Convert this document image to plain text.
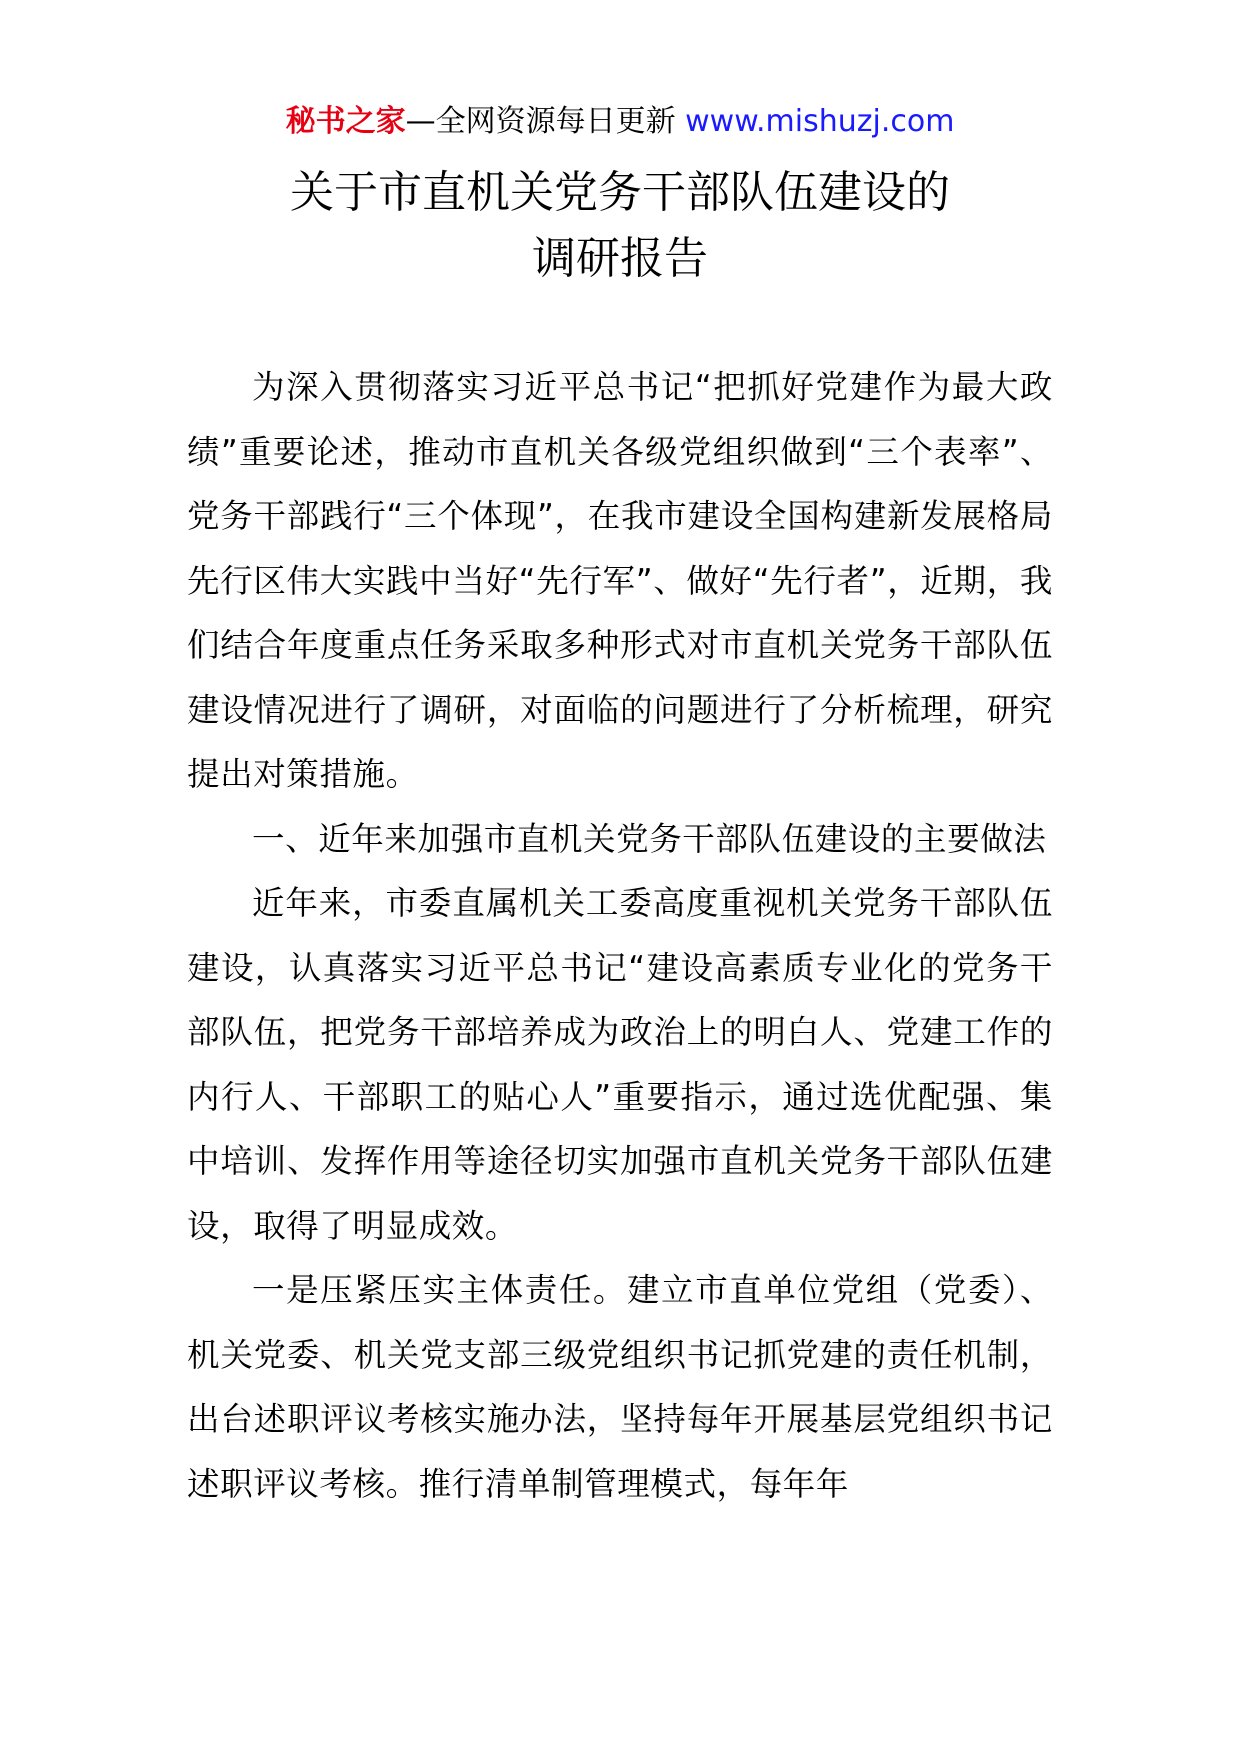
秘书之家—全网资源每日更新 www.mishuzj.com
关于市直机关党务干部队伍建设的
调研报告

为深入贯彻落实习近平总书记“把抓好党建作为最大政绩”重要论述，推动市直机关各级党组织做到“三个表率”、党务干部践行“三个体现”，在我市建设全国构建新发展格局先行区伟大实践中当好“先行军”、做好“先行者”，近期，我们结合年度重点任务采取多种形式对市直机关党务干部队伍建设情况进行了调研，对面临的问题进行了分析梳理，研究提出对策措施。

一、近年来加强市直机关党务干部队伍建设的主要做法

近年来，市委直属机关工委高度重视机关党务干部队伍建设，认真落实习近平总书记“建设高素质专业化的党务干部队伍，把党务干部培养成为政治上的明白人、党建工作的内行人、干部职工的贴心人”重要指示，通过选优配强、集中培训、发挥作用等途径切实加强市直机关党务干部队伍建设，取得了明显成效。

一是压紧压实主体责任。建立市直单位党组（党委）、机关党委、机关党支部三级党组织书记抓党建的责任机制，出台述职评议考核实施办法，坚持每年开展基层党组织书记述职评议考核。推行清单制管理模式，每年年
